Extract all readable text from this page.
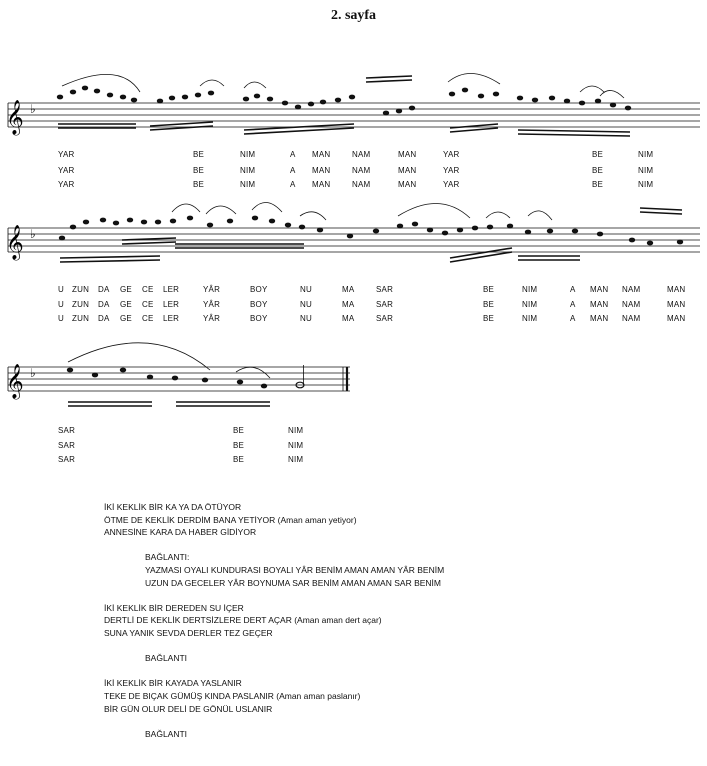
2. sayfa
𝄞 ♭
YAR
YAR
YAR
BE
BE
BE
NIM
NIM
NIM
A
A
A
MAN
MAN
MAN
NAM
NAM
NAM
MAN
MAN
MAN
YAR
YAR
YAR
BE
BE
BE
NIM
NIM
NIM
𝄞 ♭
U
U
U
ZUN
ZUN
ZUN
DA
DA
DA
GE
GE
GE
CE
CE
CE
LER
LER
LER
YÂR
YÂR
YÂR
BOY
BOY
BOY
NU
NU
NU
MA
MA
MA
SAR
SAR
SAR
BE
BE
BE
NIM
NIM
NIM
A
A
A
MAN
MAN
MAN
NAM
NAM
NAM
MAN
MAN
MAN
𝄞 ♭
SAR
SAR
SAR
BE
BE
BE
NIM
NIM
NIM
İKİ KEKLİK BİR KA YA DA ÖTÜYOR
ÖTME DE KEKLİK DERDİM BANA YETİYOR (Aman aman yetiyor)
ANNESİNE KARA DA HABER GİDİYOR
BAĞLANTI:
YAZMASI OYALI KUNDURASI BOYALI YÂR BENİM AMAN AMAN YÂR BENİM
UZUN DA GECELER YÂR BOYNUMA SAR BENİM AMAN AMAN SAR BENİM
İKİ KEKLİK BİR DEREDEN SU İÇER
DERTLİ DE KEKLİK DERTSİZLERE DERT AÇAR (Aman aman dert açar)
SUNA YANIK SEVDA DERLER TEZ GEÇER
BAĞLANTI
İKİ KEKLİK BİR KAYADA YASLANIR
TEKE DE BIÇAK GÜMÜŞ KINDA PASLANIR (Aman aman paslanır)
BİR GÜN OLUR DELİ DE GÖNÜL USLANIR
BAĞLANTI
